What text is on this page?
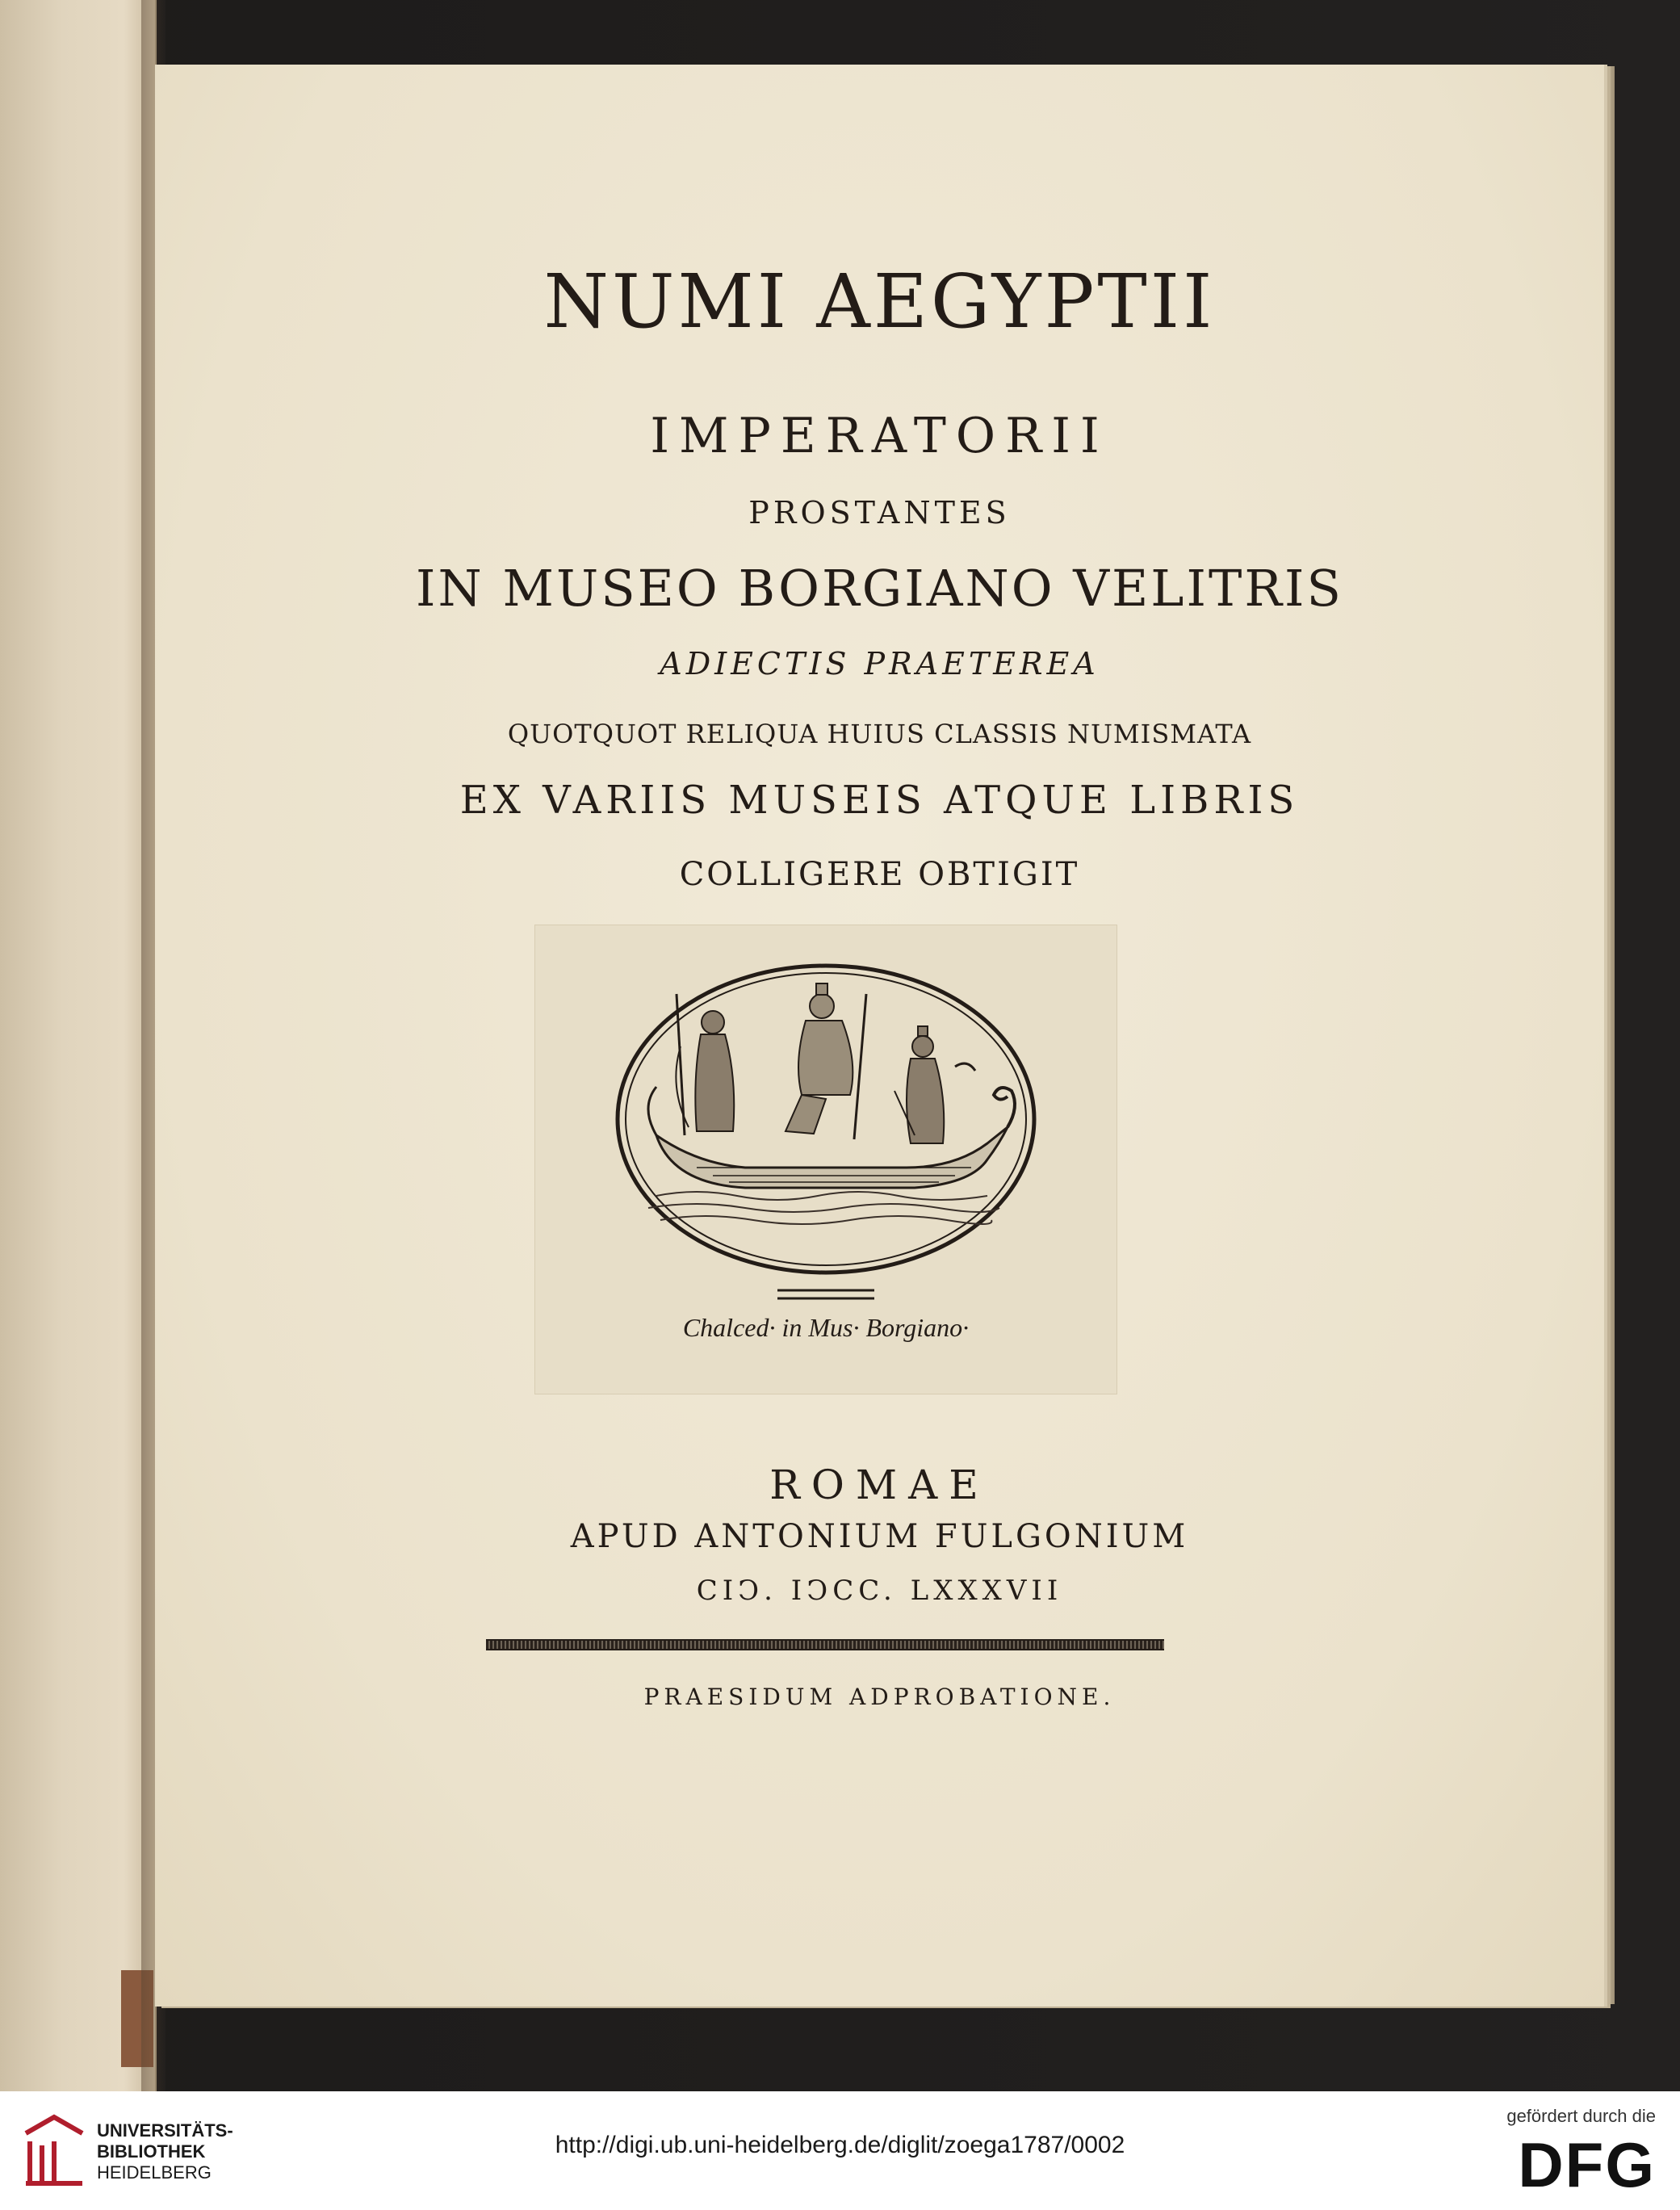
NUMI AEGYPTII
IMPERATORII
PROSTANTES
IN MUSEO BORGIANO VELITRIS
ADIECTIS PRAETEREA
QUOTQUOT RELIQUA HUIUS CLASSIS NUMISMATA
EX VARIIS MUSEIS ATQUE LIBRIS
COLLIGERE OBTIGIT
Chalced· in Mus· Borgiano·
ROMAE
APUD ANTONIUM FULGONIUM
CIↃ. IↃCC. LXXXVII
PRAESIDUM ADPROBATIONE.
UNIVERSITÄTS-
BIBLIOTHEK
HEIDELBERG
http://digi.ub.uni-heidelberg.de/diglit/zoega1787/0002
gefördert durch die
DFG
